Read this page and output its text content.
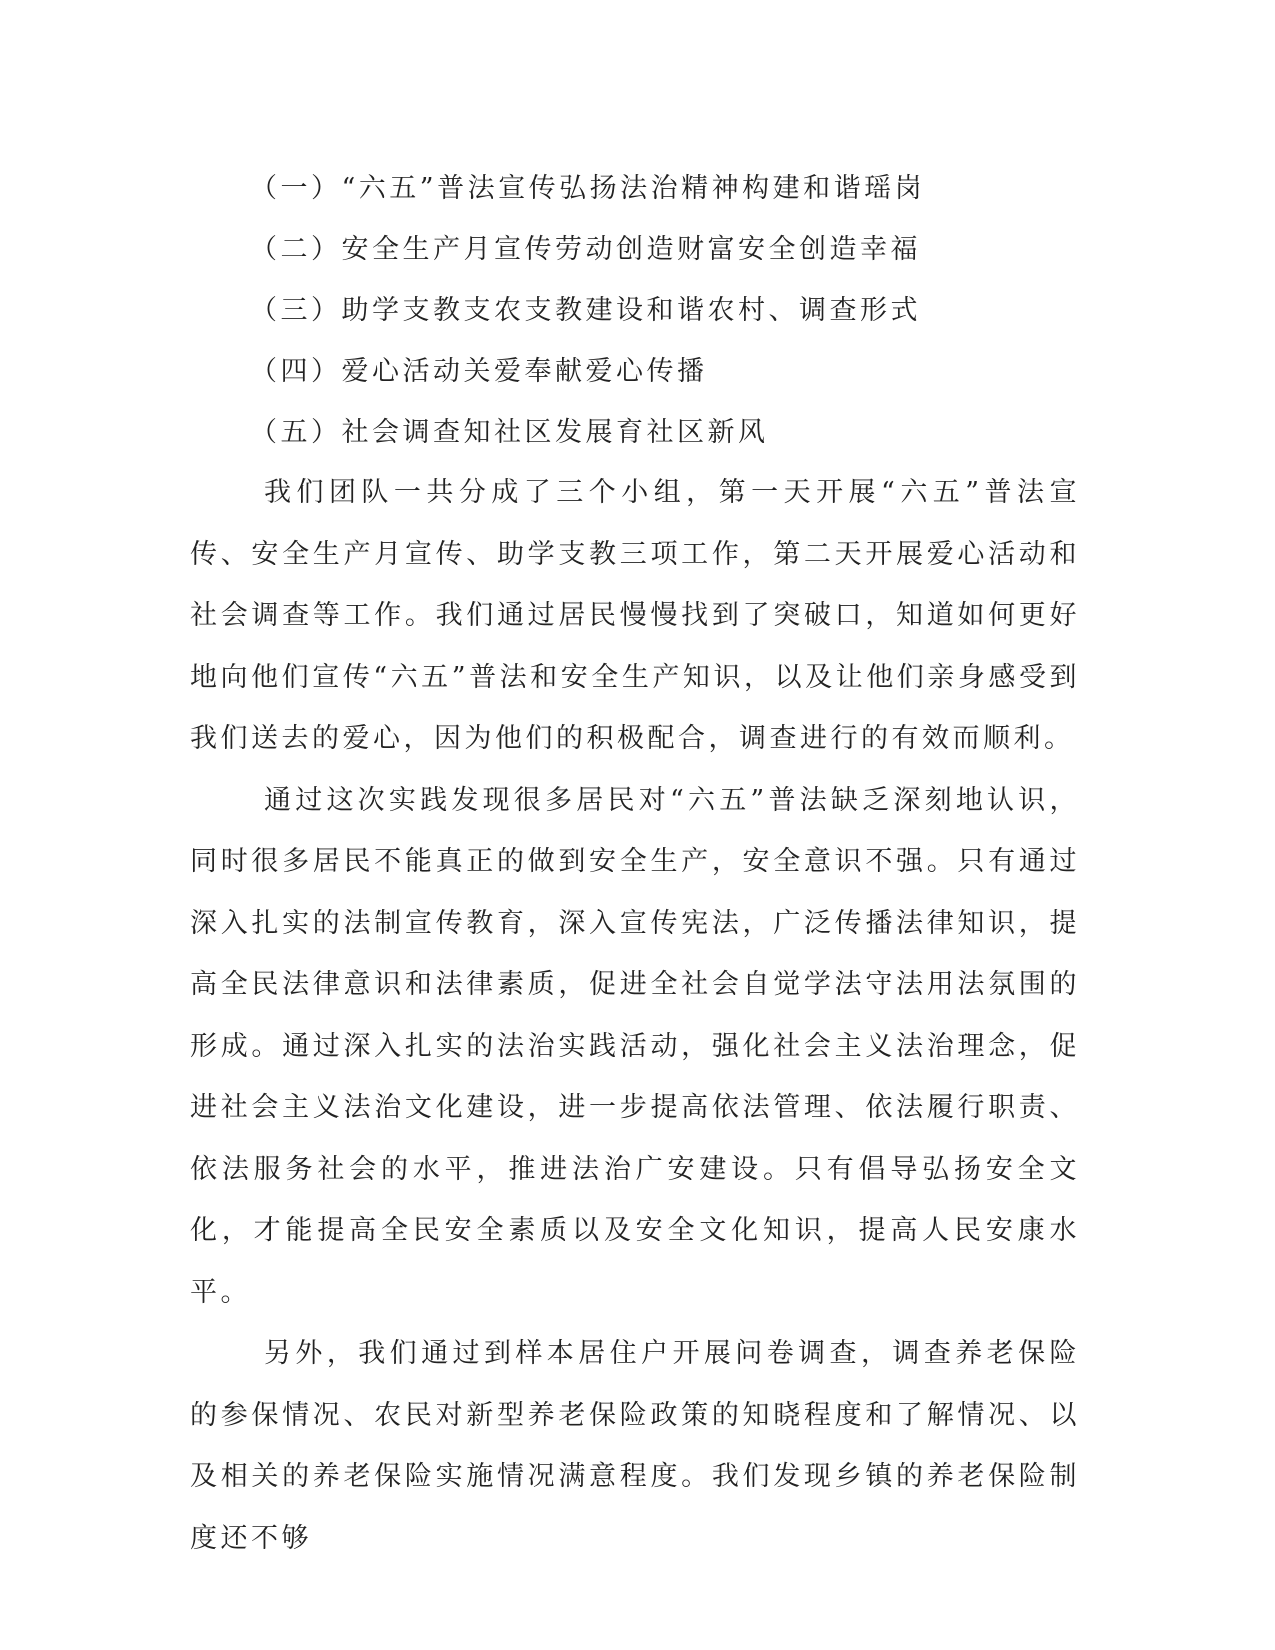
（一）“六五”普法宣传弘扬法治精神构建和谐瑶岗
（二）安全生产月宣传劳动创造财富安全创造幸福
（三）助学支教支农支教建设和谐农村、调查形式
（四）爱心活动关爱奉献爱心传播
（五）社会调查知社区发展育社区新风

我们团队一共分成了三个小组，第一天开展“六五”普法宣传、安全生产月宣传、助学支教三项工作，第二天开展爱心活动和社会调查等工作。我们通过居民慢慢找到了突破口，知道如何更好地向他们宣传“六五”普法和安全生产知识，以及让他们亲身感受到我们送去的爱心，因为他们的积极配合，调查进行的有效而顺利。

通过这次实践发现很多居民对“六五”普法缺乏深刻地认识，同时很多居民不能真正的做到安全生产，安全意识不强。只有通过深入扎实的法制宣传教育，深入宣传宪法，广泛传播法律知识，提高全民法律意识和法律素质，促进全社会自觉学法守法用法氛围的形成。通过深入扎实的法治实践活动，强化社会主义法治理念，促进社会主义法治文化建设，进一步提高依法管理、依法履行职责、依法服务社会的水平，推进法治广安建设。只有倡导弘扬安全文化，才能提高全民安全素质以及安全文化知识，提高人民安康水平。

另外，我们通过到样本居住户开展问卷调查，调查养老保险的参保情况、农民对新型养老保险政策的知晓程度和了解情况、以及相关的养老保险实施情况满意程度。我们发现乡镇的养老保险制度还不够
